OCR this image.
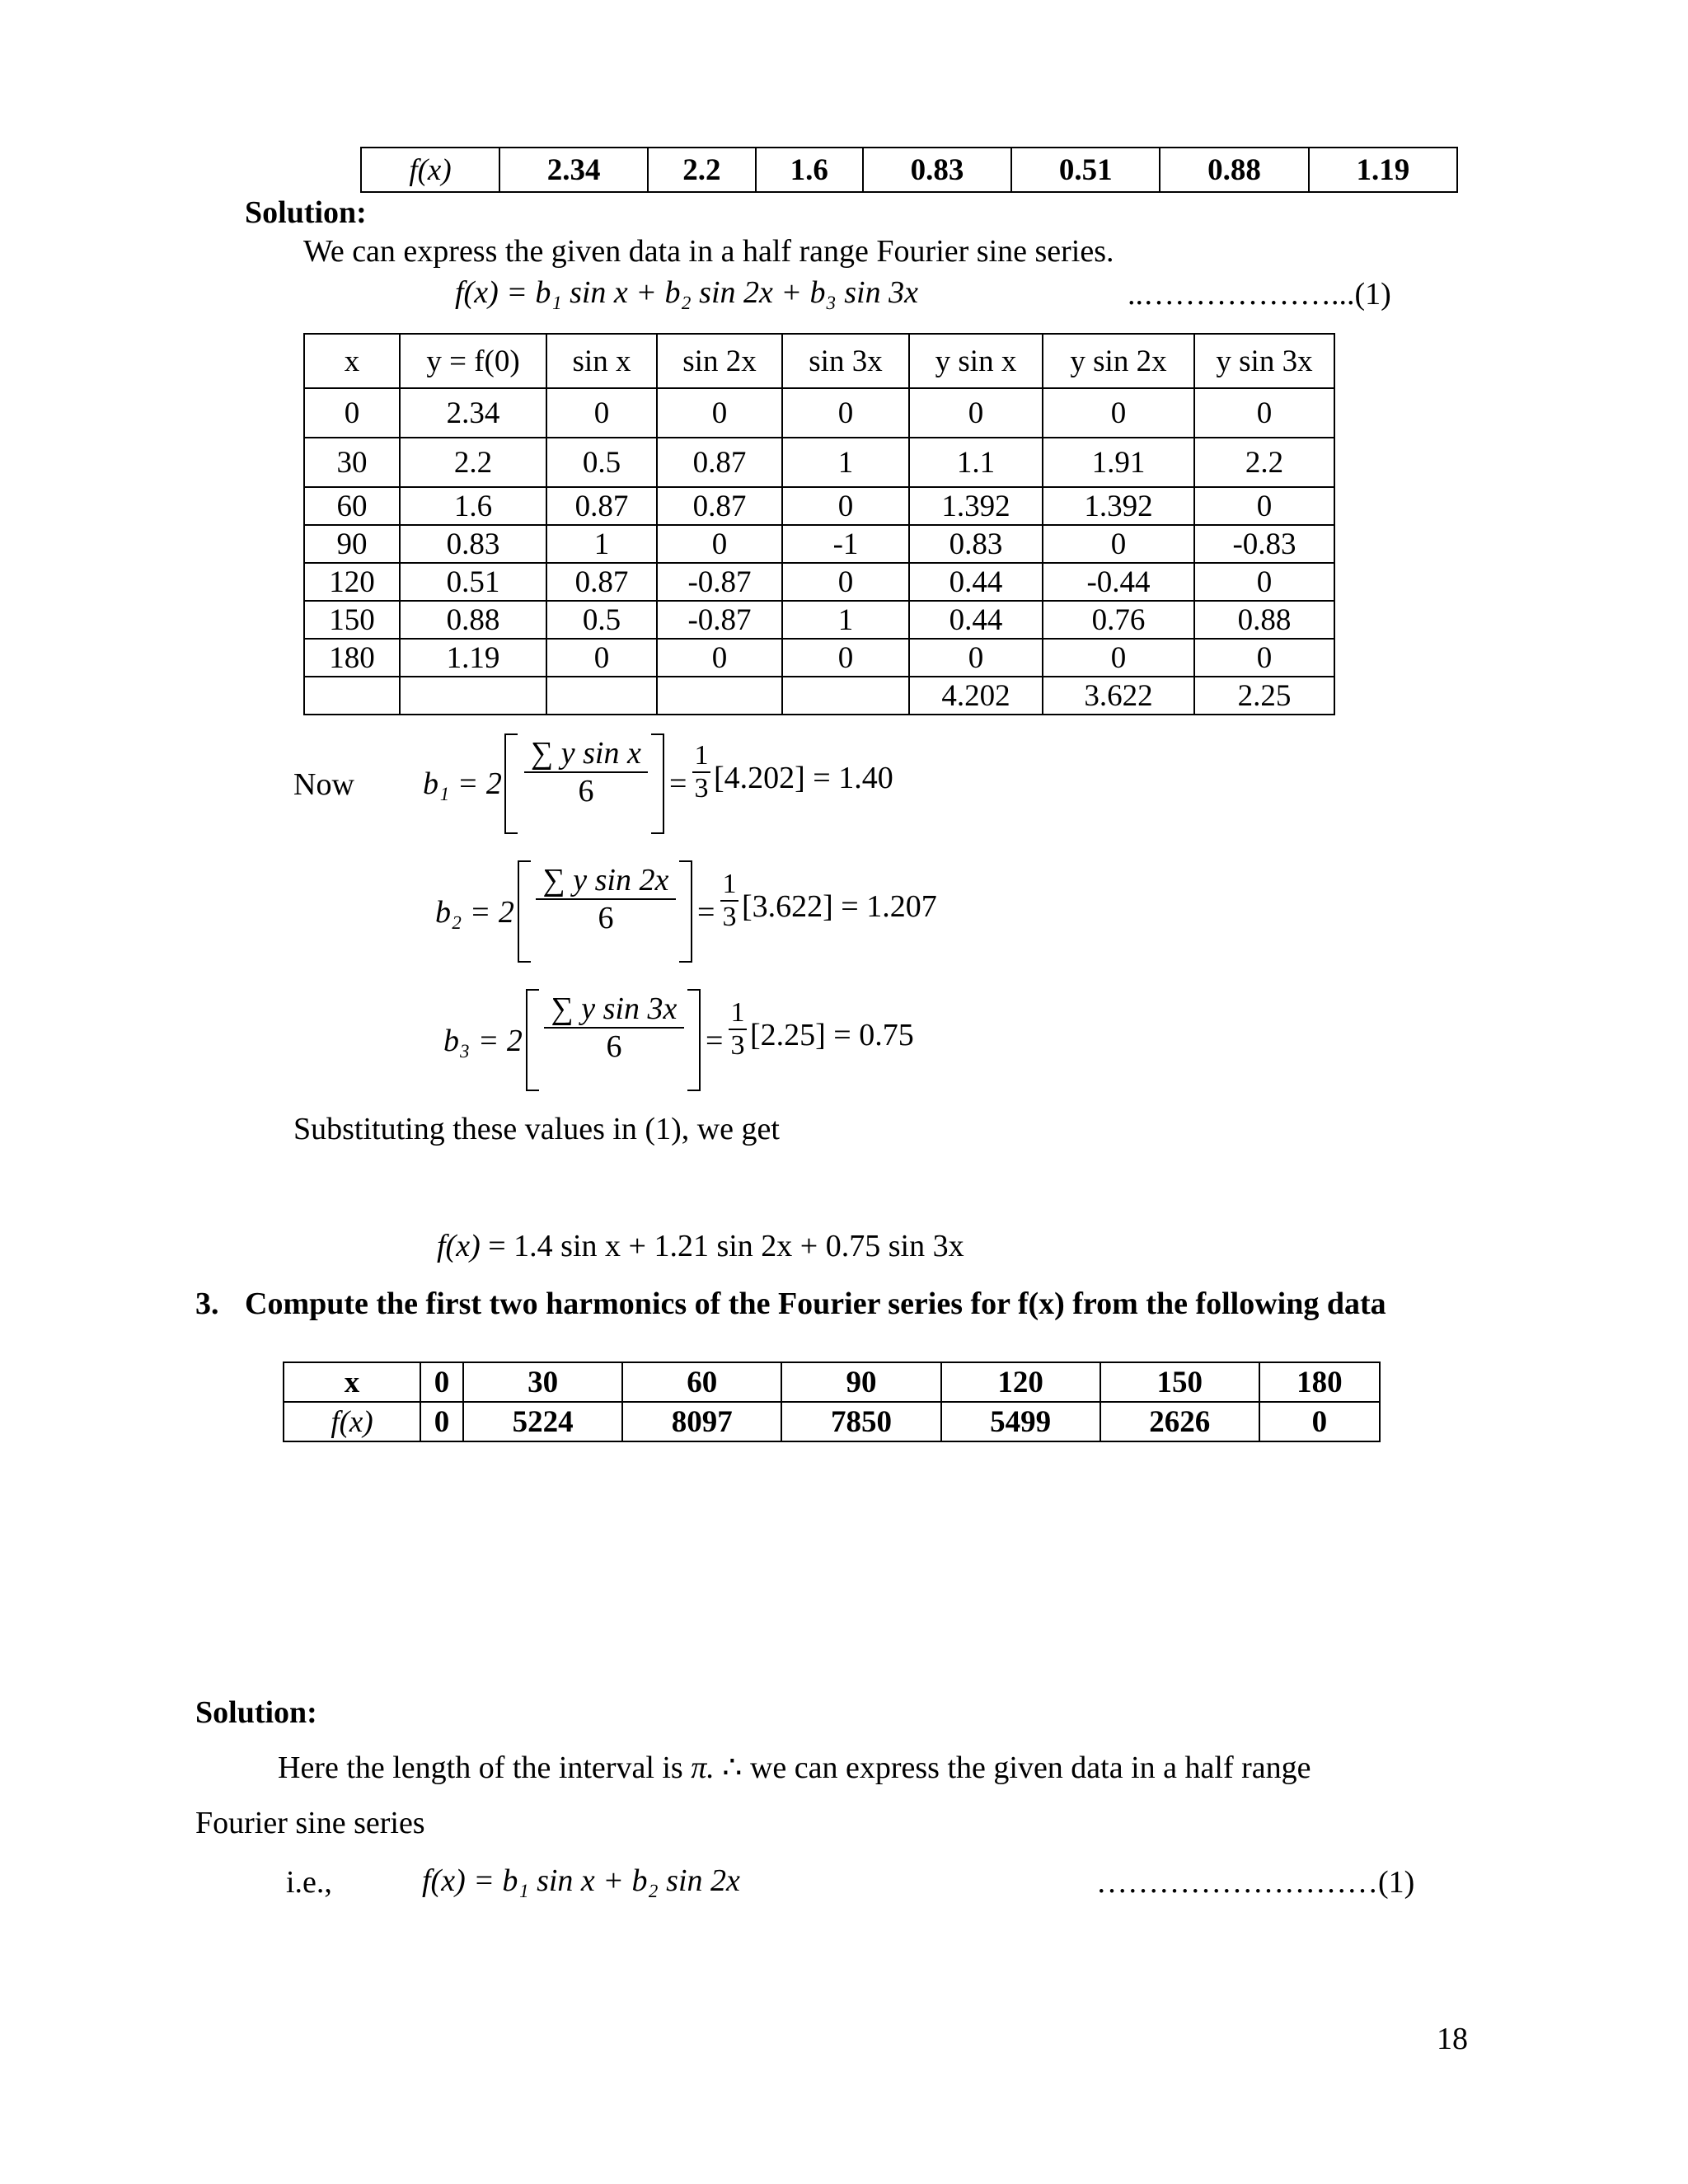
f(x)	2.34	2.2	1.6	0.83	0.51	0.88	1.19
Solution:
We can express the given data in a half range Fourier sine series.
f(x) = b₁ sin x + b₂ sin 2x + b₃ sin 3x	..………………...(1)
x	y = f(0)	sin x	sin 2x	sin 3x	y sin x	y sin 2x	y sin 3x
0	2.34	0	0	0	0	0	0
30	2.2	0.5	0.87	1	1.1	1.91	2.2
60	1.6	0.87	0.87	0	1.392	1.392	0
90	0.83	1	0	-1	0.83	0	-0.83
120	0.51	0.87	-0.87	0	0.44	-0.44	0
150	0.88	0.5	-0.87	1	0.44	0.76	0.88
180	1.19	0	0	0	0	0	0
					4.202	3.622	2.25
Now b₁ = 2
∑ y sin x
6	=
1
3 [4.202] = 1.40
b₂ = 2
∑ y sin 2x
6	=
1
3 [3.622] = 1.207
b₃ = 2
∑ y sin 3x
6	=
1
3 [2.25] = 0.75
Substituting these values in (1), we get
f(x) = 1.4 sin x + 1.21 sin 2x + 0.75 sin 3x
3. Compute the first two harmonics of the Fourier series for f(x) from the following data
x	0	30	60	90	120	150	180
f(x)	0	5224	8097	7850	5499	2626	0
Solution:
Here the length of the interval is π. ∴ we can express the given data in a half range
Fourier sine series
i.e.,	f(x) = b₁ sin x + b₂ sin 2x	………………………(1)
18
